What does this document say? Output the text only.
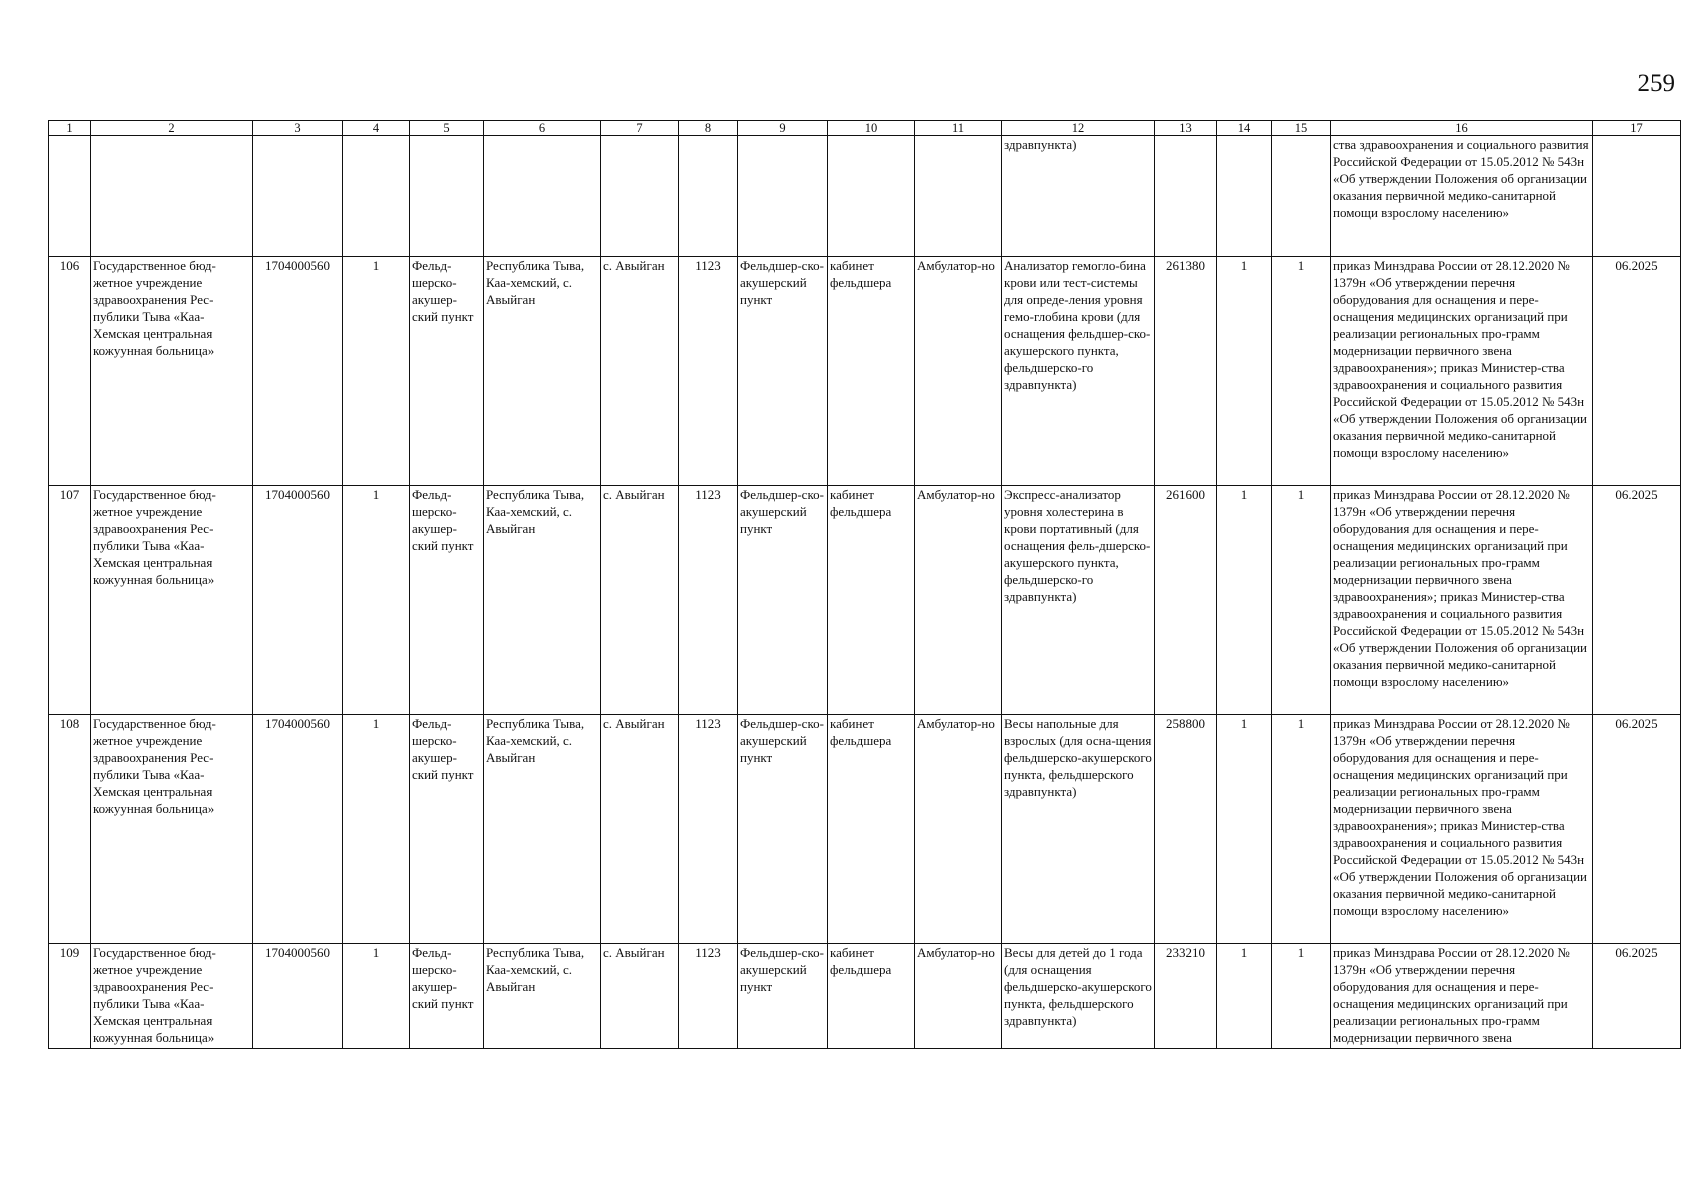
259
1	2	3	4	5	6	7	8	9	10	11	12	13	14	15	16	17
											здравпункта)				ства здравоохранения и социального развития Российской Федерации от 15.05.2012 № 543н «Об утверждении Положения об организации оказания первичной медико-санитарной помощи взрослому населению»	
106	Государственное бюд-жетное учреждение здравоохранения Рес-публики Тыва «Каа-Хемская центральная кожуунная больница»	1704000560	1	Фельд-шерско-акушер-ский пункт	Республика Тыва, Каа-хемский, с. Авыйган	с. Авыйган	1123	Фельдшер-ско-акушерский пункт	кабинет фельдшера	Амбулатор-но	Анализатор гемогло-бина крови или тест-системы для опреде-ления уровня гемо-глобина крови (для оснащения фельдшер-ско-акушерского пункта, фельдшерско-го здравпункта)	261380	1	1	приказ Минздрава России от 28.12.2020 № 1379н «Об утверждении перечня оборудования для оснащения и пере-оснащения медицинских организаций при реализации региональных про-грамм модернизации первичного звена здравоохранения»; приказ Министер-ства здравоохранения и социального развития Российской Федерации от 15.05.2012 № 543н «Об утверждении Положения об организации оказания первичной медико-санитарной помощи взрослому населению»	06.2025
107	Государственное бюд-жетное учреждение здравоохранения Рес-публики Тыва «Каа-Хемская центральная кожуунная больница»	1704000560	1	Фельд-шерско-акушер-ский пункт	Республика Тыва, Каа-хемский, с. Авыйган	с. Авыйган	1123	Фельдшер-ско-акушерский пункт	кабинет фельдшера	Амбулатор-но	Экспресс-анализатор уровня холестерина в крови портативный (для оснащения фель-дшерско-акушерского пункта, фельдшерско-го здравпункта)	261600	1	1	приказ Минздрава России от 28.12.2020 № 1379н «Об утверждении перечня оборудования для оснащения и пере-оснащения медицинских организаций при реализации региональных про-грамм модернизации первичного звена здравоохранения»; приказ Министер-ства здравоохранения и социального развития Российской Федерации от 15.05.2012 № 543н «Об утверждении Положения об организации оказания первичной медико-санитарной помощи взрослому населению»	06.2025
108	Государственное бюд-жетное учреждение здравоохранения Рес-публики Тыва «Каа-Хемская центральная кожуунная больница»	1704000560	1	Фельд-шерско-акушер-ский пункт	Республика Тыва, Каа-хемский, с. Авыйган	с. Авыйган	1123	Фельдшер-ско-акушерский пункт	кабинет фельдшера	Амбулатор-но	Весы напольные для взрослых (для осна-щения фельдшерско-акушерского пункта, фельдшерского здравпункта)	258800	1	1	приказ Минздрава России от 28.12.2020 № 1379н «Об утверждении перечня оборудования для оснащения и пере-оснащения медицинских организаций при реализации региональных про-грамм модернизации первичного звена здравоохранения»; приказ Министер-ства здравоохранения и социального развития Российской Федерации от 15.05.2012 № 543н «Об утверждении Положения об организации оказания первичной медико-санитарной помощи взрослому населению»	06.2025
109	Государственное бюд-жетное учреждение здравоохранения Рес-публики Тыва «Каа-Хемская центральная кожуунная больница»	1704000560	1	Фельд-шерско-акушер-ский пункт	Республика Тыва, Каа-хемский, с. Авыйган	с. Авыйган	1123	Фельдшер-ско-акушерский пункт	кабинет фельдшера	Амбулатор-но	Весы для детей до 1 года (для оснащения фельдшерско-акушерского пункта, фельдшерского здравпункта)	233210	1	1	приказ Минздрава России от 28.12.2020 № 1379н «Об утверждении перечня оборудования для оснащения и пере-оснащения медицинских организаций при реализации региональных про-грамм модернизации первичного звена	06.2025
